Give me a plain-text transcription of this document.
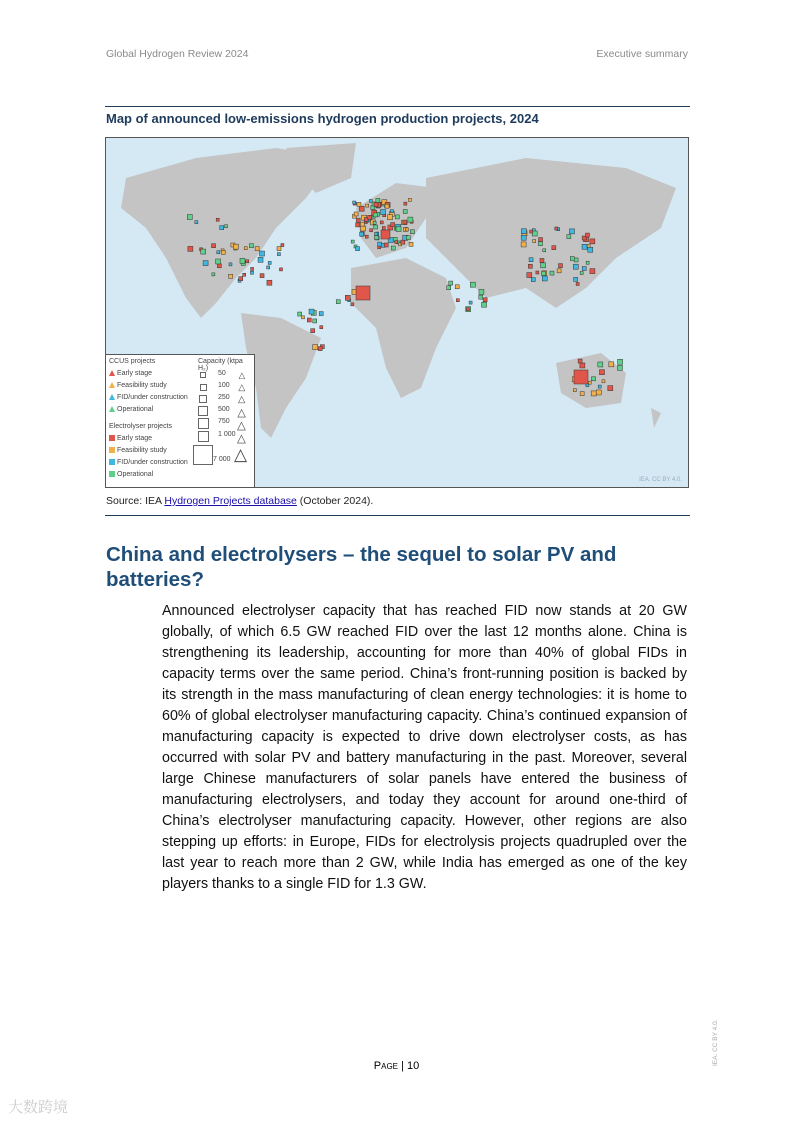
Global Hydrogen Review 2024	Executive summary
Map of announced low-emissions hydrogen production projects, 2024
CCUS projects
Early stage
Feasibility study
FID/under construction
Operational
Electrolyser projects
Early stage
Feasibility study
FID/under construction
Operational
Capacity (ktpa H₂)
50 △
100 △
250 △
500 △
750 △
1 000 △
7 000 △
IEA. CC BY 4.0.
Source: IEA Hydrogen Projects database (October 2024).
China and electrolysers – the sequel to solar PV and batteries?

Announced electrolyser capacity that has reached FID now stands at 20 GW globally, of which 6.5 GW reached FID over the last 12 months alone. China is strengthening its leadership, accounting for more than 40% of global FIDs in capacity terms over the same period. China’s front-running position is backed by its strength in the mass manufacturing of clean energy technologies: it is home to 60% of global electrolyser manufacturing capacity. China’s continued expansion of manufacturing capacity is expected to drive down electrolyser costs, as has occurred with solar PV and battery manufacturing in the past. Moreover, several large Chinese manufacturers of solar panels have entered the business of manufacturing electrolysers, and today they account for around one-third of China’s electrolyser manufacturing capacity. However, other regions are also stepping up efforts: in Europe, FIDs for electrolysis projects quadrupled over the last year to reach more than 2 GW, while India has emerged as one of the key players thanks to a single FID for 1.3 GW.

Page | 10	IEA. CC BY 4.0.
大数跨境
